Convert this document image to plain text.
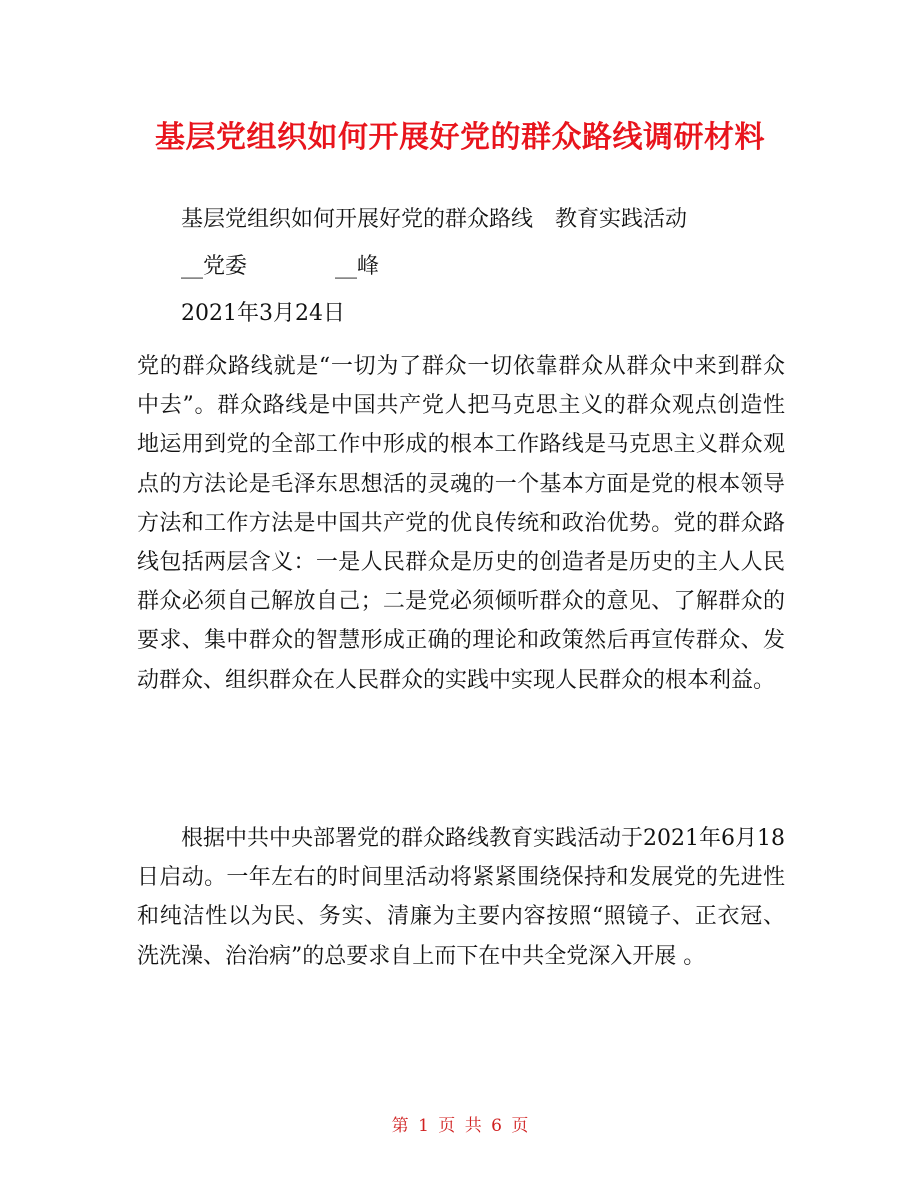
基层党组织如何开展好党的群众路线调研材料
基层党组织如何开展好党的群众路线　教育实践活动
__党委　　　　__峰
2021年3月24日
党的群众路线就是“一切为了群众一切依靠群众从群众中来到群众中去”。群众路线是中国共产党人把马克思主义的群众观点创造性地运用到党的全部工作中形成的根本工作路线是马克思主义群众观点的方法论是毛泽东思想活的灵魂的一个基本方面是党的根本领导方法和工作方法是中国共产党的优良传统和政治优势。党的群众路线包括两层含义：一是人民群众是历史的创造者是历史的主人人民群众必须自己解放自己；二是党必须倾听群众的意见、了解群众的要求、集中群众的智慧形成正确的理论和政策然后再宣传群众、发动群众、组织群众在人民群众的实践中实现人民群众的根本利益。
根据中共中央部署党的群众路线教育实践活动于2021年6月18日启动。一年左右的时间里活动将紧紧围绕保持和发展党的先进性和纯洁性以为民、务实、清廉为主要内容按照“照镜子、正衣冠、洗洗澡、治治病”的总要求自上而下在中共全党深入开展 。
第 1 页 共 6 页
